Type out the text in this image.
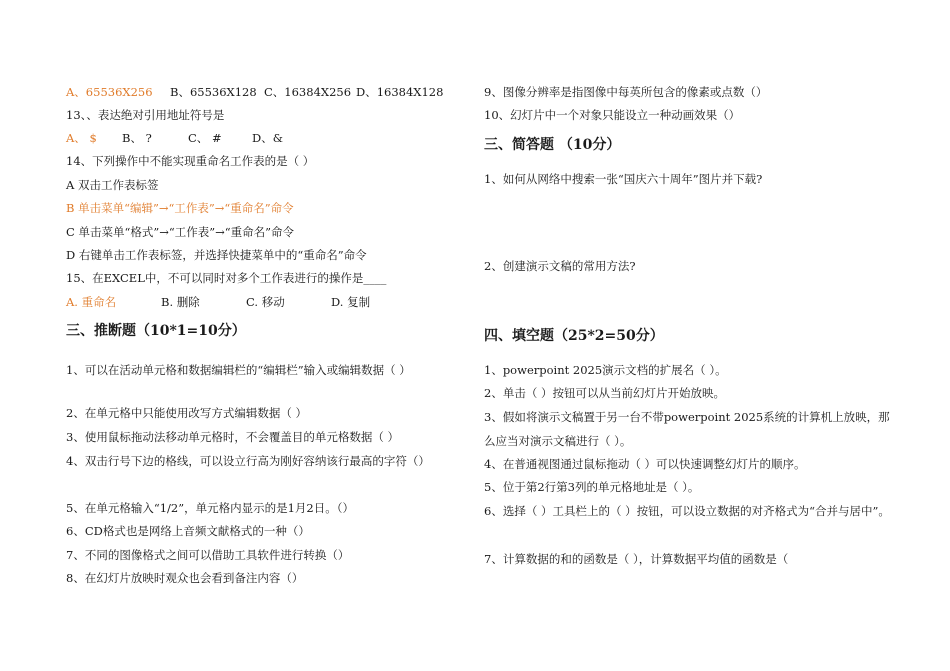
A、65536X256 B、65536X128 C、16384X256 D、16384X128
13、、表达绝对引用地址符号是
A、 $ B、 ?	C、 #	D、&
14、下列操作中不能实现重命名工作表的是（ ）
A 双击工作表标签
B 单击菜单“编辑”→“工作表”→“重命名”命令
C 单击菜单“格式”→“工作表”→“重命名”命令
D 右键单击工作表标签，并选择快捷菜单中的“重命名”命令
15、在EXCEL中，不可以同时对多个工作表进行的操作是____
A. 重命名	B. 删除	C. 移动	D. 复制
三、推断题（10*1=10分）
1、可以在活动单元格和数据编辑栏的“编辑栏”输入或编辑数据（ ）
2、在单元格中只能使用改写方式编辑数据（ ）
3、使用鼠标拖动法移动单元格时，不会覆盖目的单元格数据（ ）
4、双击行号下边的格线，可以设立行高为刚好容纳该行最高的字符（）
5、在单元格输入“1/2”，单元格内显示的是1月2日。（）
6、CD格式也是网络上音频文献格式的一种（）
7、不同的图像格式之间可以借助工具软件进行转换（）
8、在幻灯片放映时观众也会看到备注内容（）
9、图像分辨率是指图像中每英所包含的像素或点数（）
10、幻灯片中一个对象只能设立一种动画效果（）
三、简答题 （10分）
1、如何从网络中搜索一张“国庆六十周年”图片并下载?
2、创建演示文稿的常用方法?
四、填空题（25*2=50分）
1、powerpoint 2025演示文档的扩展名（ ）。
2、单击（ ）按钮可以从当前幻灯片开始放映。
3、假如将演示文稿置于另一台不带powerpoint 2025系统的计算机上放映，那么应当对演示文稿进行（ ）。
4、在普通视图通过鼠标拖动（ ）可以快速调整幻灯片的顺序。
5、位于第2行第3列的单元格地址是（ ）。
6、选择（ ）工具栏上的（ ）按钮，可以设立数据的对齐格式为“合并与居中”。
7、计算数据的和的函数是（ ），计算数据平均值的函数是（
